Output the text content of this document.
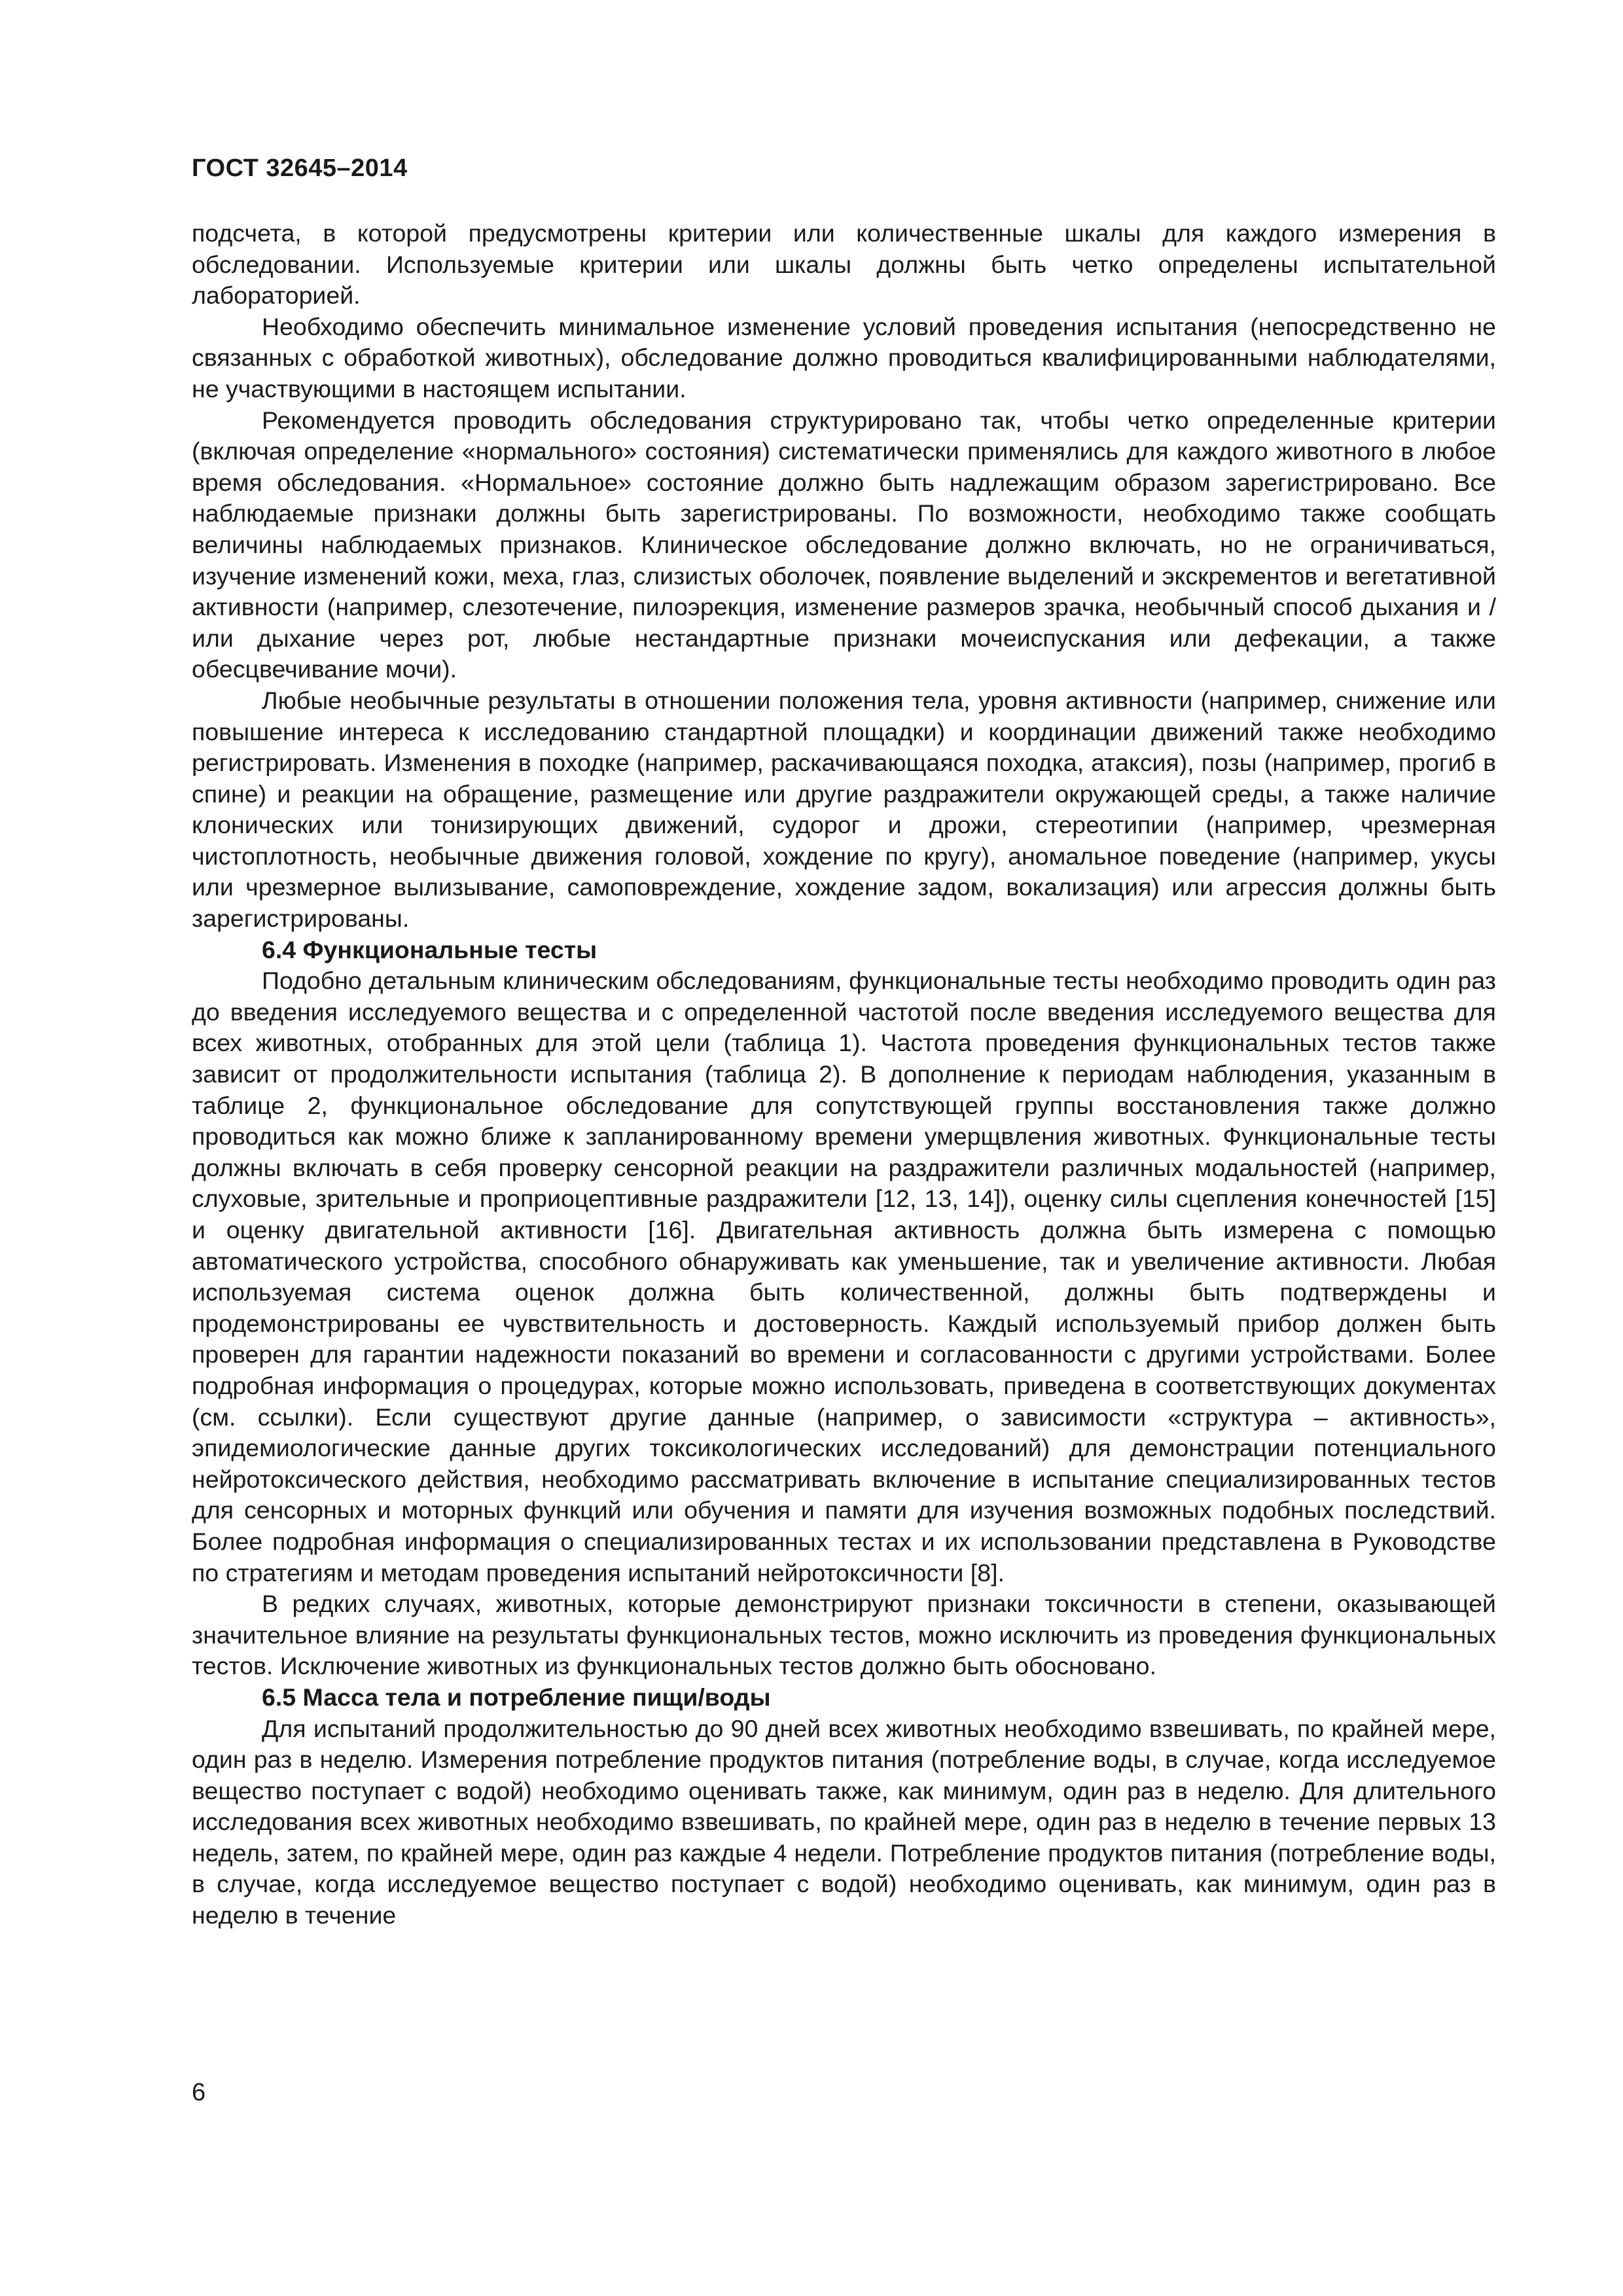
ГОСТ 32645–2014

подсчета, в которой предусмотрены критерии или количественные шкалы для каждого измерения в обследовании. Используемые критерии или шкалы должны быть четко определены испытательной лабораторией.

Необходимо обеспечить минимальное изменение условий проведения испытания (непосредственно не связанных с обработкой животных), обследование должно проводиться квалифицированными наблюдателями, не участвующими в настоящем испытании.

Рекомендуется проводить обследования структурировано так, чтобы четко определенные критерии (включая определение «нормального» состояния) систематически применялись для каждого животного в любое время обследования. «Нормальное» состояние должно быть надлежащим образом зарегистрировано. Все наблюдаемые признаки должны быть зарегистрированы. По возможности, необходимо также сообщать величины наблюдаемых признаков. Клиническое обследование должно включать, но не ограничиваться, изучение изменений кожи, меха, глаз, слизистых оболочек, появление выделений и экскрементов и вегетативной активности (например, слезотечение, пилоэрекция, изменение размеров зрачка, необычный способ дыхания и / или дыхание через рот, любые нестандартные признаки мочеиспускания или дефекации, а также обесцвечивание мочи).

Любые необычные результаты в отношении положения тела, уровня активности (например, снижение или повышение интереса к исследованию стандартной площадки) и координации движений также необходимо регистрировать. Изменения в походке (например, раскачивающаяся походка, атаксия), позы (например, прогиб в спине) и реакции на обращение, размещение или другие раздражители окружающей среды, а также наличие клонических или тонизирующих движений, судорог и дрожи, стереотипии (например, чрезмерная чистоплотность, необычные движения головой, хождение по кругу), аномальное поведение (например, укусы или чрезмерное вылизывание, самоповреждение, хождение задом, вокализация) или агрессия должны быть зарегистрированы.

6.4 Функциональные тесты

Подобно детальным клиническим обследованиям, функциональные тесты необходимо проводить один раз до введения исследуемого вещества и с определенной частотой после введения исследуемого вещества для всех животных, отобранных для этой цели (таблица 1). Частота проведения функциональных тестов также зависит от продолжительности испытания (таблица 2). В дополнение к периодам наблюдения, указанным в таблице 2, функциональное обследование для сопутствующей группы восстановления также должно проводиться как можно ближе к запланированному времени умерщвления животных. Функциональные тесты должны включать в себя проверку сенсорной реакции на раздражители различных модальностей (например, слуховые, зрительные и проприоцептивные раздражители [12, 13, 14]), оценку силы сцепления конечностей [15] и оценку двигательной активности [16]. Двигательная активность должна быть измерена с помощью автоматического устройства, способного обнаруживать как уменьшение, так и увеличение активности. Любая используемая система оценок должна быть количественной, должны быть подтверждены и продемонстрированы ее чувствительность и достоверность. Каждый используемый прибор должен быть проверен для гарантии надежности показаний во времени и согласованности с другими устройствами. Более подробная информация о процедурах, которые можно использовать, приведена в соответствующих документах (см. ссылки). Если существуют другие данные (например, о зависимости «структура – активность», эпидемиологические данные других токсикологических исследований) для демонстрации потенциального нейротоксического действия, необходимо рассматривать включение в испытание специализированных тестов для сенсорных и моторных функций или обучения и памяти для изучения возможных подобных последствий. Более подробная информация о специализированных тестах и их использовании представлена в Руководстве по стратегиям и методам проведения испытаний нейротоксичности [8].

В редких случаях, животных, которые демонстрируют признаки токсичности в степени, оказывающей значительное влияние на результаты функциональных тестов, можно исключить из проведения функциональных тестов. Исключение животных из функциональных тестов должно быть обосновано.

6.5 Масса тела и потребление пищи/воды

Для испытаний продолжительностью до 90 дней всех животных необходимо взвешивать, по крайней мере, один раз в неделю. Измерения потребление продуктов питания (потребление воды, в случае, когда исследуемое вещество поступает с водой) необходимо оценивать также, как минимум, один раз в неделю. Для длительного исследования всех животных необходимо взвешивать, по крайней мере, один раз в неделю в течение первых 13 недель, затем, по крайней мере, один раз каждые 4 недели. Потребление продуктов питания (потребление воды, в случае, когда исследуемое вещество поступает с водой) необходимо оценивать, как минимум, один раз в неделю в течение

6
